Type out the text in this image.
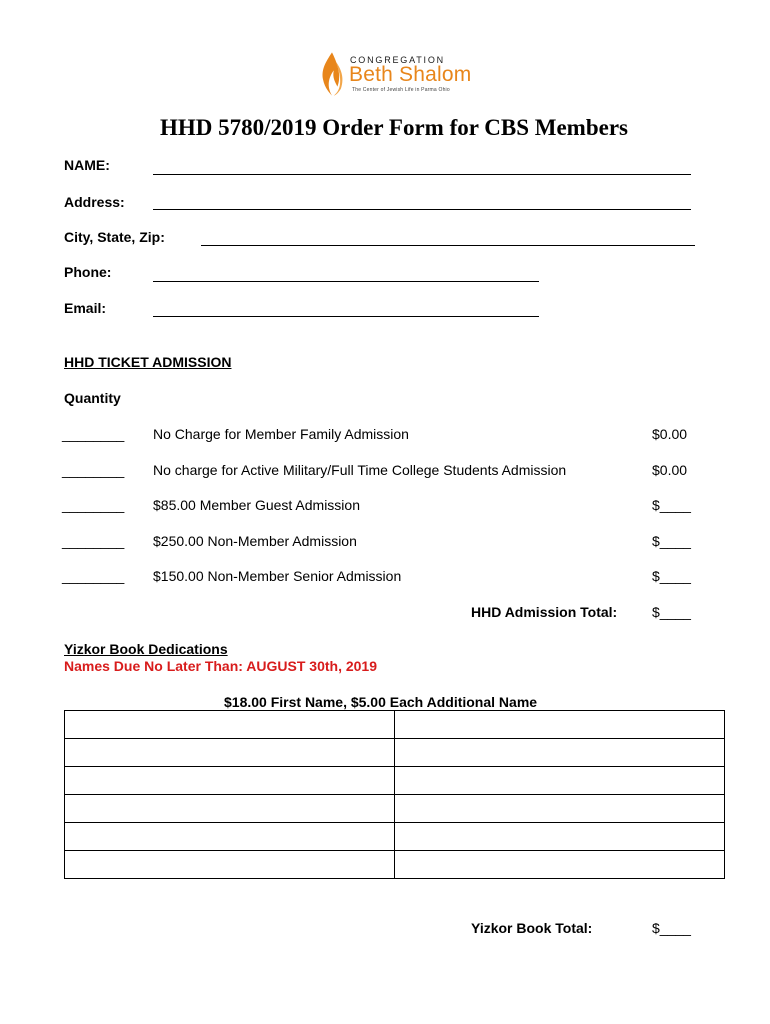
CONGREGATION
Beth Shalom
The Center of Jewish Life in Parma Ohio
HHD 5780/2019 Order Form for CBS Members
NAME:
Address:
City, State, Zip:
Phone:
Email:
HHD TICKET ADMISSION
Quantity
________ No Charge for Member Family Admission	$0.00
________ No charge for Active Military/Full Time College Students Admission	$0.00
________ $85.00 Member Guest Admission	$____
________ $250.00 Non-Member Admission	$____
________ $150.00 Non-Member Senior Admission	$____
HHD Admission Total: $____
Yizkor Book Dedications
Names Due No Later Than: AUGUST 30th, 2019
$18.00 First Name, $5.00 Each Additional Name

Yizkor Book Total:	$____
